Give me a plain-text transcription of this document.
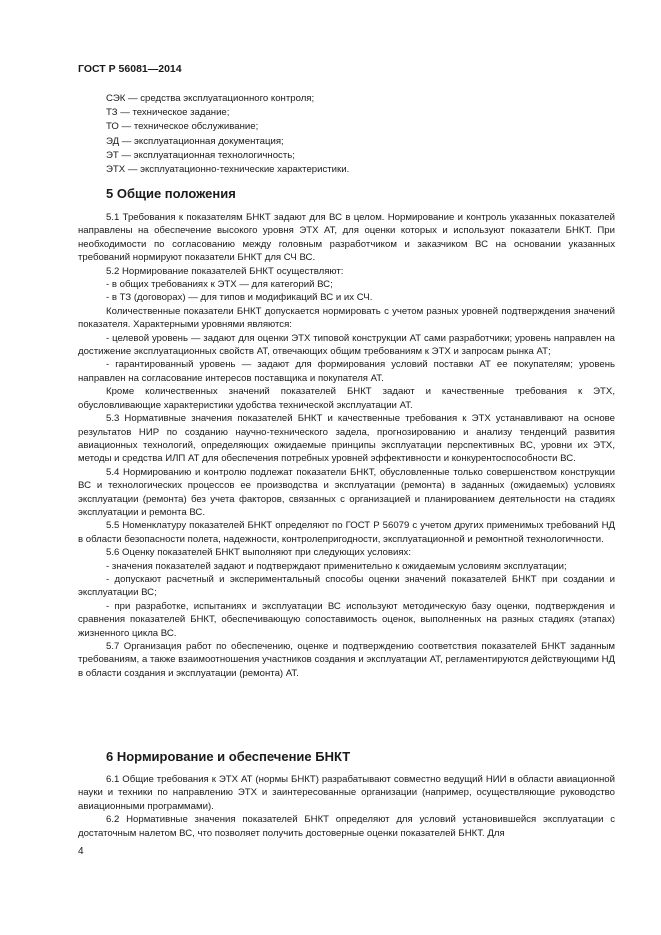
ГОСТ Р 56081—2014
СЭК — средства эксплуатационного контроля;
ТЗ — техническое задание;
ТО — техническое обслуживание;
ЭД — эксплуатационная документация;
ЭТ — эксплуатационная технологичность;
ЭТХ — эксплуатационно-технические характеристики.
5 Общие положения

5.1 Требования к показателям БНКТ задают для ВС в целом. Нормирование и контроль указанных показателей направлены на обеспечение высокого уровня ЭТХ АТ, для оценки которых и используют показатели БНКТ. При необходимости по согласованию между головным разработчиком и заказчиком ВС на основании указанных требований нормируют показатели БНКТ для СЧ ВС.

5.2 Нормирование показателей БНКТ осуществляют:

- в общих требованиях к ЭТХ — для категорий ВС;

- в ТЗ (договорах) — для типов и модификаций ВС и их СЧ.

Количественные показатели БНКТ допускается нормировать с учетом разных уровней подтверждения значений показателя. Характерными уровнями являются:

- целевой уровень — задают для оценки ЭТХ типовой конструкции АТ сами разработчики; уровень направлен на достижение эксплуатационных свойств АТ, отвечающих общим требованиям к ЭТХ и запросам рынка АТ;

- гарантированный уровень — задают для формирования условий поставки АТ ее покупателям; уровень направлен на согласование интересов поставщика и покупателя АТ.

Кроме количественных значений показателей БНКТ задают и качественные требования к ЭТХ, обусловливающие характеристики удобства технической эксплуатации АТ.

5.3 Нормативные значения показателей БНКТ и качественные требования к ЭТХ устанавливают на основе результатов НИР по созданию научно-технического задела, прогнозированию и анализу тенденций развития авиационных технологий, определяющих ожидаемые принципы эксплуатации перспективных ВС, уровни их ЭТХ, методы и средства ИЛП АТ для обеспечения потребных уровней эффективности и конкурентоспособности ВС.

5.4 Нормированию и контролю подлежат показатели БНКТ, обусловленные только совершенством конструкции ВС и технологических процессов ее производства и эксплуатации (ремонта) в заданных (ожидаемых) условиях эксплуатации (ремонта) без учета факторов, связанных с организацией и планированием деятельности на стадиях эксплуатации и ремонта ВС.

5.5 Номенклатуру показателей БНКТ определяют по ГОСТ Р 56079 с учетом других применимых требований НД в области безопасности полета, надежности, контролепригодности, эксплуатационной и ремонтной технологичности.

5.6 Оценку показателей БНКТ выполняют при следующих условиях:

- значения показателей задают и подтверждают применительно к ожидаемым условиям эксплуатации;

- допускают расчетный и экспериментальный способы оценки значений показателей БНКТ при создании и эксплуатации ВС;

- при разработке, испытаниях и эксплуатации ВС используют методическую базу оценки, подтверждения и сравнения показателей БНКТ, обеспечивающую сопоставимость оценок, выполненных на разных стадиях (этапах) жизненного цикла ВС.

5.7 Организация работ по обеспечению, оценке и подтверждению соответствия показателей БНКТ заданным требованиям, а также взаимоотношения участников создания и эксплуатации АТ, регламентируются действующими НД в области создания и эксплуатации (ремонта) АТ.

6 Нормирование и обеспечение БНКТ

6.1 Общие требования к ЭТХ АТ (нормы БНКТ) разрабатывают совместно ведущий НИИ в области авиационной науки и техники по направлению ЭТХ и заинтересованные организации (например, осуществляющие руководство авиационными программами).

6.2 Нормативные значения показателей БНКТ определяют для условий установившейся эксплуатации с достаточным налетом ВС, что позволяет получить достоверные оценки показателей БНКТ. Для

4
